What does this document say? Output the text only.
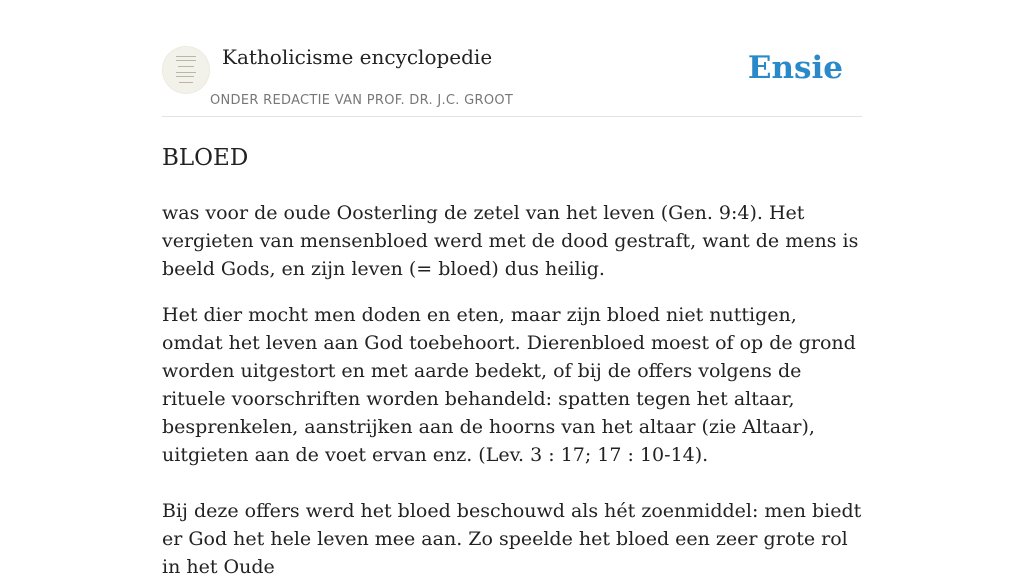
Katholicisme encyclopedie
ONDER REDACTIE VAN PROF. DR. J.C. GROOT
Ensie
BLOED

was voor de oude Oosterling de zetel van het leven (Gen. 9:4). Het vergieten van mensenbloed werd met de dood gestraft, want de mens is beeld Gods, en zijn leven (= bloed) dus heilig.

Het dier mocht men doden en eten, maar zijn bloed niet nuttigen, omdat het leven aan God toebehoort. Dierenbloed moest of op de grond worden uitgestort en met aarde bedekt, of bij de offers volgens de rituele voorschriften worden behandeld: spatten tegen het altaar, besprenkelen, aanstrijken aan de hoorns van het altaar (zie Altaar), uitgieten aan de voet ervan enz. (Lev. 3 : 17; 17 : 10-14).

Bij deze offers werd het bloed beschouwd als hét zoenmiddel: men biedt er God het hele leven mee aan. Zo speelde het bloed een zeer grote rol in het Oude
